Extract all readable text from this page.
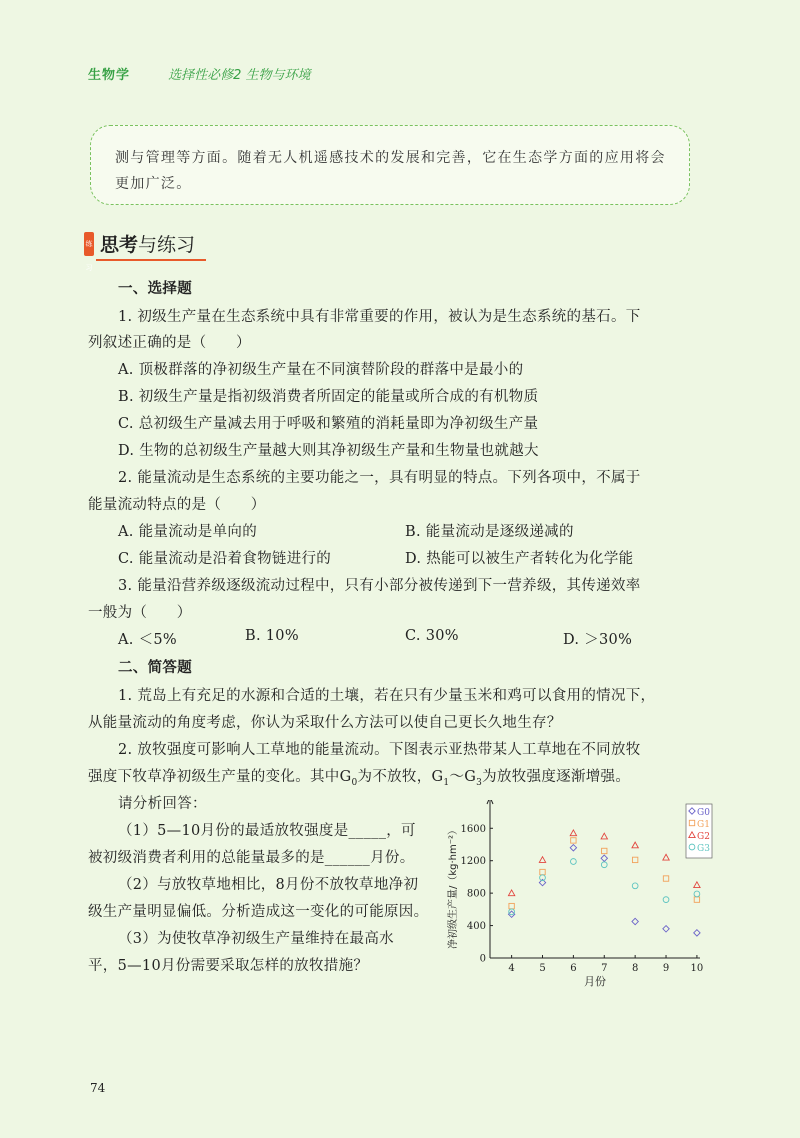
生物学	选择性必修2 生物与环境

测与管理等方面。随着无人机遥感技术的发展和完善，它在生态学方面的应用将会更加广泛。

练习
思考与练习
一、选择题
1. 初级生产量在生态系统中具有非常重要的作用，被认为是生态系统的基石。下
列叙述正确的是（　　）
A. 顶极群落的净初级生产量在不同演替阶段的群落中是最小的
B. 初级生产量是指初级消费者所固定的能量或所合成的有机物质
C. 总初级生产量减去用于呼吸和繁殖的消耗量即为净初级生产量
D. 生物的总初级生产量越大则其净初级生产量和生物量也就越大
2. 能量流动是生态系统的主要功能之一，具有明显的特点。下列各项中，不属于
能量流动特点的是（　　）
A. 能量流动是单向的	B. 能量流动是逐级递减的
C. 能量流动是沿着食物链进行的	D. 热能可以被生产者转化为化学能
3. 能量沿营养级逐级流动过程中，只有小部分被传递到下一营养级，其传递效率
一般为（　　）
A. ＜5%	B. 10%	C. 30%	D. ＞30%
二、简答题
1. 荒岛上有充足的水源和合适的土壤，若在只有少量玉米和鸡可以食用的情况下，
从能量流动的角度考虑，你认为采取什么方法可以使自己更长久地生存？
2. 放牧强度可影响人工草地的能量流动。下图表示亚热带某人工草地在不同放牧
强度下牧草净初级生产量的变化。其中$G_0$为不放牧，$G_1\sim G_3$为放牧强度逐渐增强。
请分析回答：
（1）5—10月份的最适放牧强度是_____，可
被初级消费者利用的总能量最多的是______月份。
（2）与放牧草地相比，8月份不放牧草地净初
级生产量明显偏低。分析造成这一变化的可能原因。
（3）为使牧草净初级生产量维持在最高水
平，5—10月份需要采取怎样的放牧措施？	4 5 6 7 8 9 10
0
400
800
1200
1600
月份
净初级生产量/（kg·hm⁻²）
G0
G1
G2
G3
74
